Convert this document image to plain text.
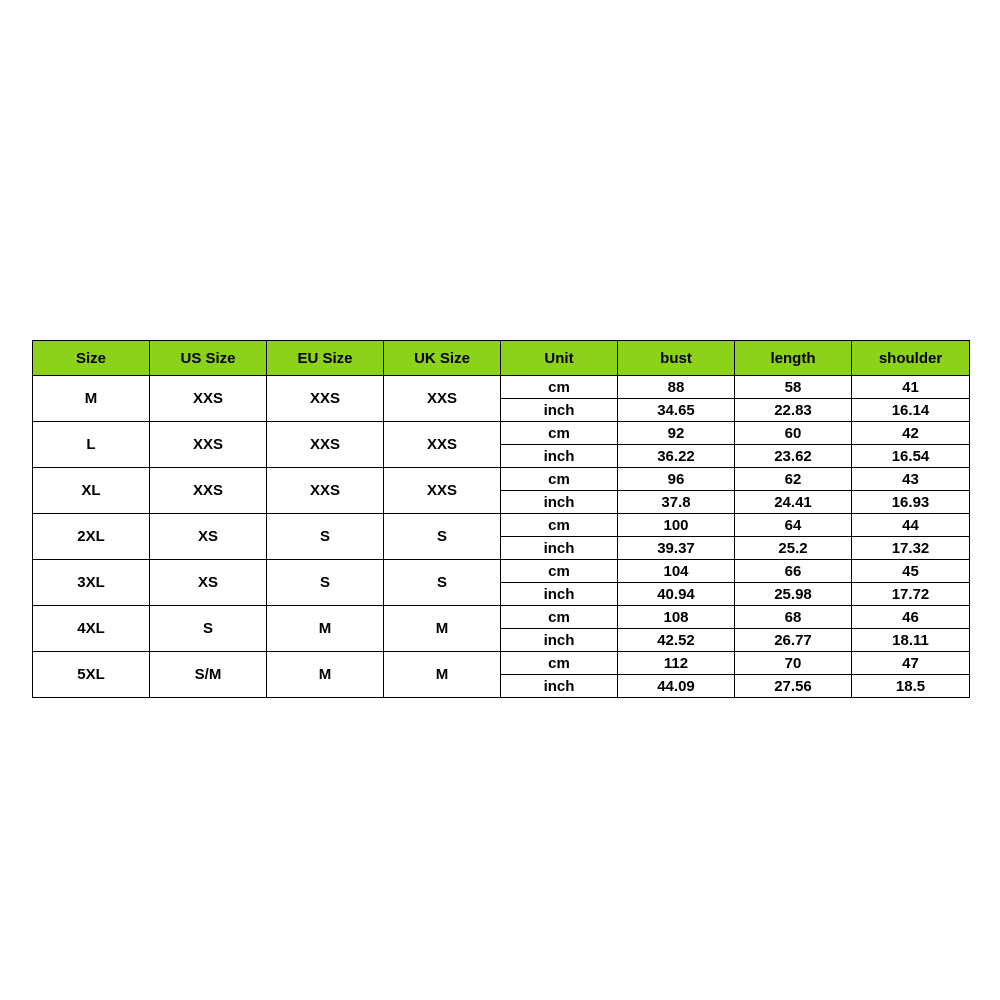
Size	US Size	EU Size	UK Size	Unit	bust	length	shoulder
M	XXS	XXS	XXS	cm	88	58	41
				inch	34.65	22.83	16.14
L	XXS	XXS	XXS	cm	92	60	42
				inch	36.22	23.62	16.54
XL	XXS	XXS	XXS	cm	96	62	43
				inch	37.8	24.41	16.93
2XL	XS	S	S	cm	100	64	44
				inch	39.37	25.2	17.32
3XL	XS	S	S	cm	104	66	45
				inch	40.94	25.98	17.72
4XL	S	M	M	cm	108	68	46
				inch	42.52	26.77	18.11
5XL	S/M	M	M	cm	112	70	47
				inch	44.09	27.56	18.5
